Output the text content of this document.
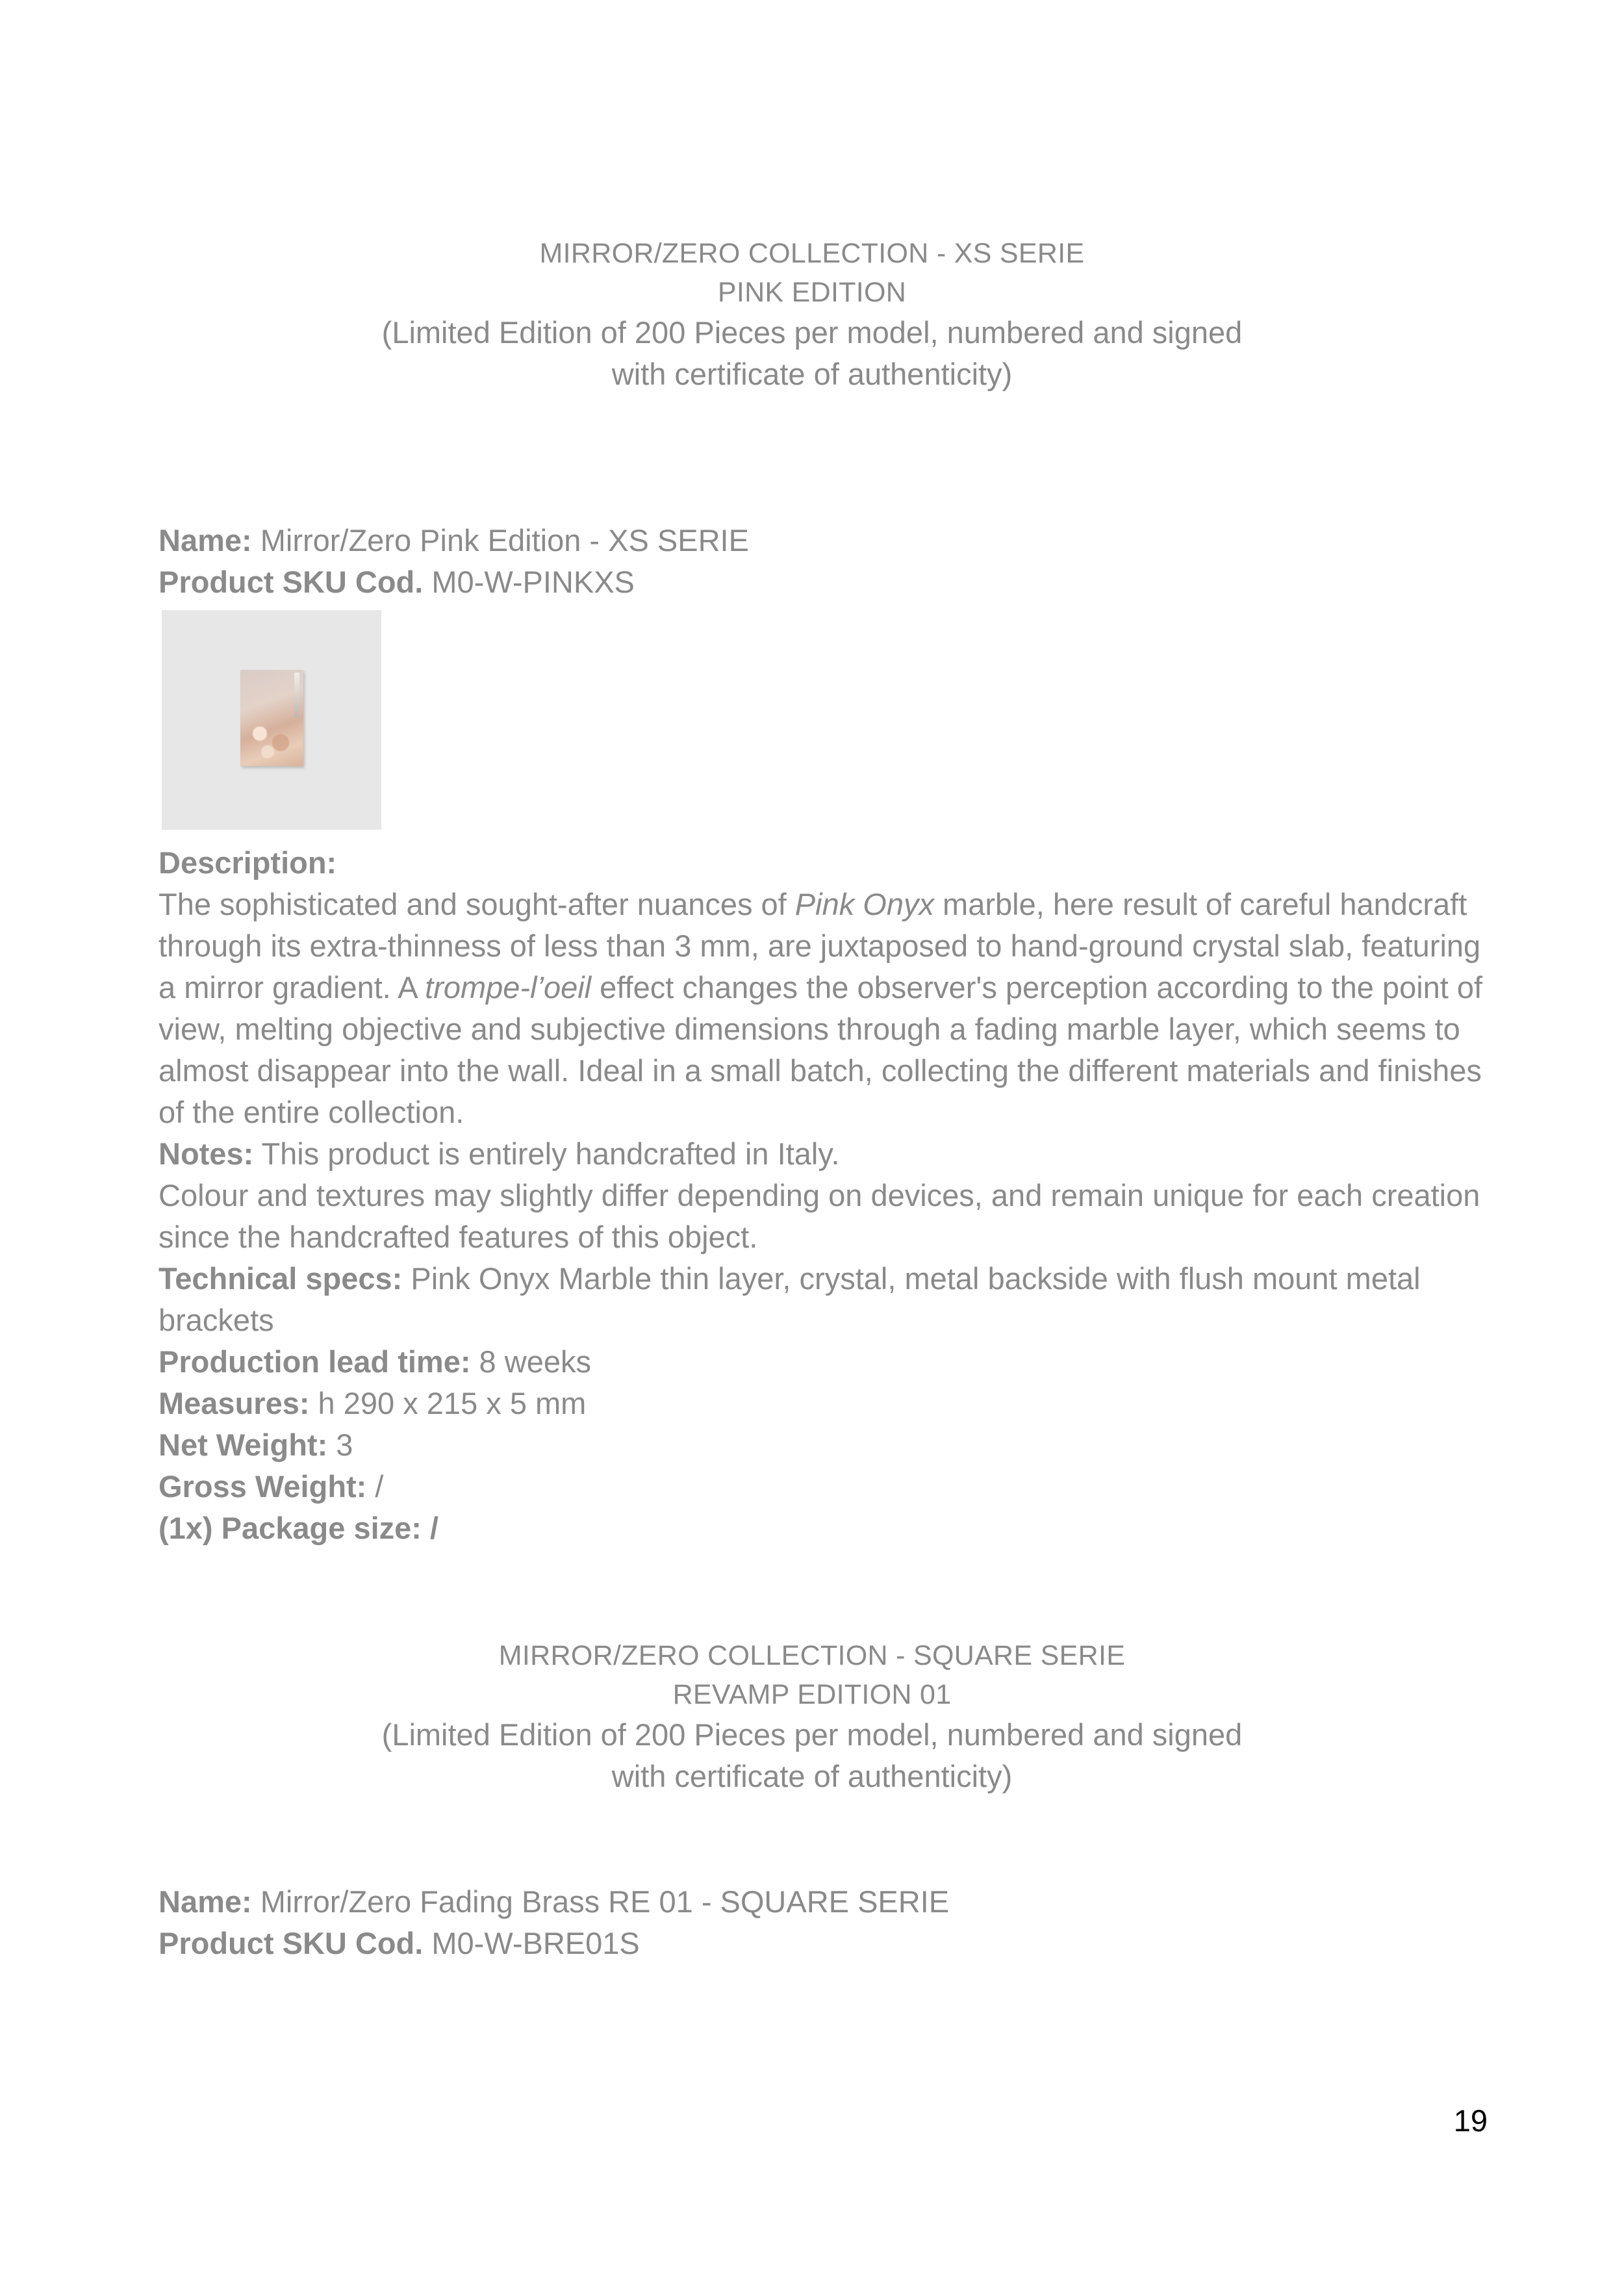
MIRROR/ZERO COLLECTION - XS SERIE
PINK EDITION
(Limited Edition of 200 Pieces per model, numbered and signed
with certificate of authenticity)
Name: Mirror/Zero Pink Edition - XS SERIE
Product SKU Cod. M0-W-PINKXS

Description:

The sophisticated and sought-after nuances of Pink Onyx marble, here result of careful handcraft through its extra-thinness of less than 3 mm, are juxtaposed to hand-ground crystal slab, featuring a mirror gradient. A trompe-l’oeil effect changes the observer's perception according to the point of view, melting objective and subjective dimensions through a fading marble layer, which seems to almost disappear into the wall. Ideal in a small batch, collecting the different materials and finishes of the entire collection.

Notes: This product is entirely handcrafted in Italy.

Colour and textures may slightly differ depending on devices, and remain unique for each creation since the handcrafted features of this object.

Technical specs: Pink Onyx Marble thin layer, crystal, metal backside with flush mount metal brackets

Production lead time: 8 weeks

Measures: h 290 x 215 x 5 mm

Net Weight: 3

Gross Weight: /

(1x) Package size: /

MIRROR/ZERO COLLECTION - SQUARE SERIE
REVAMP EDITION 01
(Limited Edition of 200 Pieces per model, numbered and signed
with certificate of authenticity)
Name: Mirror/Zero Fading Brass RE 01 - SQUARE SERIE
Product SKU Cod. M0-W-BRE01S
19
